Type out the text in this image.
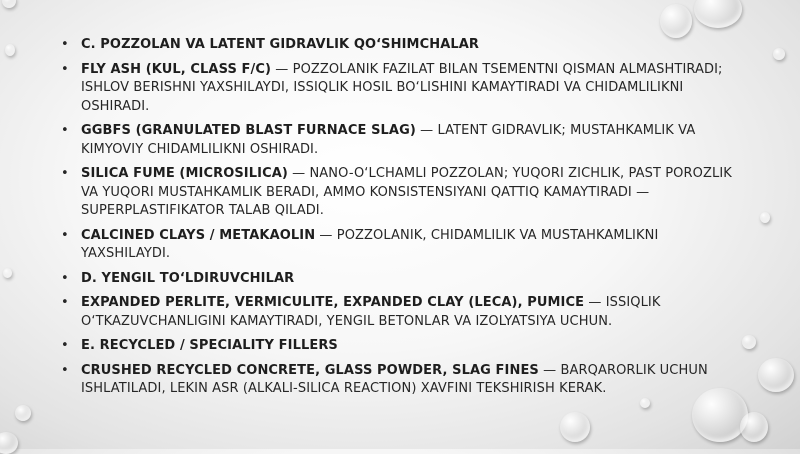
• C. POZZOLAN VA LATENT GIDRAVLIK QO‘SHIMCHALAR
• FLY ASH (KUL, CLASS F/C) — POZZOLANIK FAZILAT BILAN TSEMENTNI QISMAN ALMASHTIRADI; ISHLOV BERISHNI YAXSHILAYDI, ISSIQLIK HOSIL BO‘LISHINI KAMAYTIRADI VA CHIDAMLILIKNI OSHIRADI.
• GGBFS (GRANULATED BLAST FURNACE SLAG) — LATENT GIDRAVLIK; MUSTAHKAMLIK VA KIMYOVIY CHIDAMLILIKNI OSHIRADI.
• SILICA FUME (MICROSILICA) — NANO-O‘LCHAMLI POZZOLAN; YUQORI ZICHLIK, PAST POROZLIK VA YUQORI MUSTAHKAMLIK BERADI, AMMO KONSISTENSIYANI QATTIQ KAMAYTIRADI — SUPERPLASTIFIKATOR TALAB QILADI.
• CALCINED CLAYS / METAKAOLIN — POZZOLANIK, CHIDAMLILIK VA MUSTAHKAMLIKNI YAXSHILAYDI.
• D. YENGIL TO‘LDIRUVCHILAR
• EXPANDED PERLITE, VERMICULITE, EXPANDED CLAY (LECA), PUMICE — ISSIQLIK O‘TKAZUVCHANLIGINI KAMAYTIRADI, YENGIL BETONLAR VA IZOLYATSIYA UCHUN.
• E. RECYCLED / SPECIALITY FILLERS
• CRUSHED RECYCLED CONCRETE, GLASS POWDER, SLAG FINES — BARQARORLIK UCHUN ISHLATILADI, LEKIN ASR (ALKALI-SILICA REACTION) XAVFINI TEKSHIRISH KERAK.
